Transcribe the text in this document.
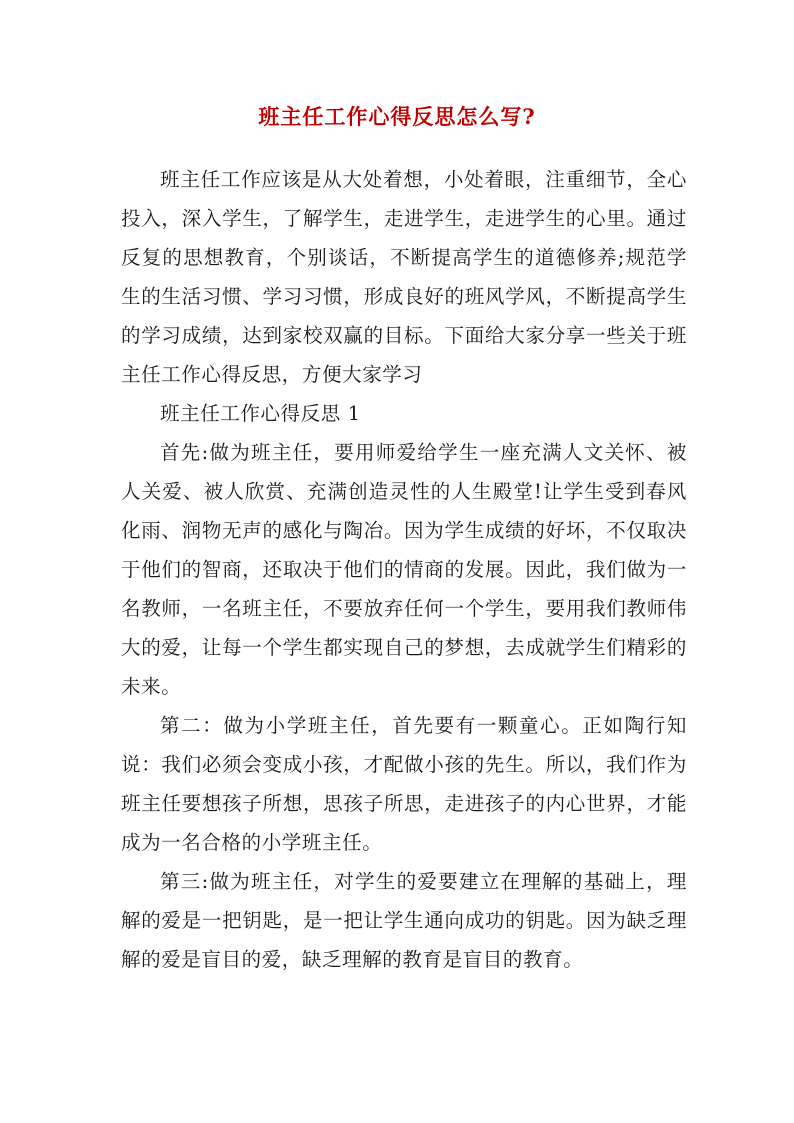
班主任工作心得反思怎么写?

班主任工作应该是从大处着想，小处着眼，注重细节，全心投入，深入学生，了解学生，走进学生，走进学生的心里。通过反复的思想教育，个别谈话，不断提高学生的道德修养;规范学生的生活习惯、学习习惯，形成良好的班风学风，不断提高学生的学习成绩，达到家校双赢的目标。下面给大家分享一些关于班主任工作心得反思，方便大家学习

班主任工作心得反思 1

首先:做为班主任，要用师爱给学生一座充满人文关怀、被人关爱、被人欣赏、充满创造灵性的人生殿堂!让学生受到春风化雨、润物无声的感化与陶冶。因为学生成绩的好坏，不仅取决于他们的智商，还取决于他们的情商的发展。因此，我们做为一名教师，一名班主任，不要放弃任何一个学生，要用我们教师伟大的爱，让每一个学生都实现自己的梦想，去成就学生们精彩的未来。

第二：做为小学班主任，首先要有一颗童心。正如陶行知说：我们必须会变成小孩，才配做小孩的先生。所以，我们作为班主任要想孩子所想，思孩子所思，走进孩子的内心世界，才能成为一名合格的小学班主任。

第三:做为班主任，对学生的爱要建立在理解的基础上，理解的爱是一把钥匙，是一把让学生通向成功的钥匙。因为缺乏理解的爱是盲目的爱，缺乏理解的教育是盲目的教育。
